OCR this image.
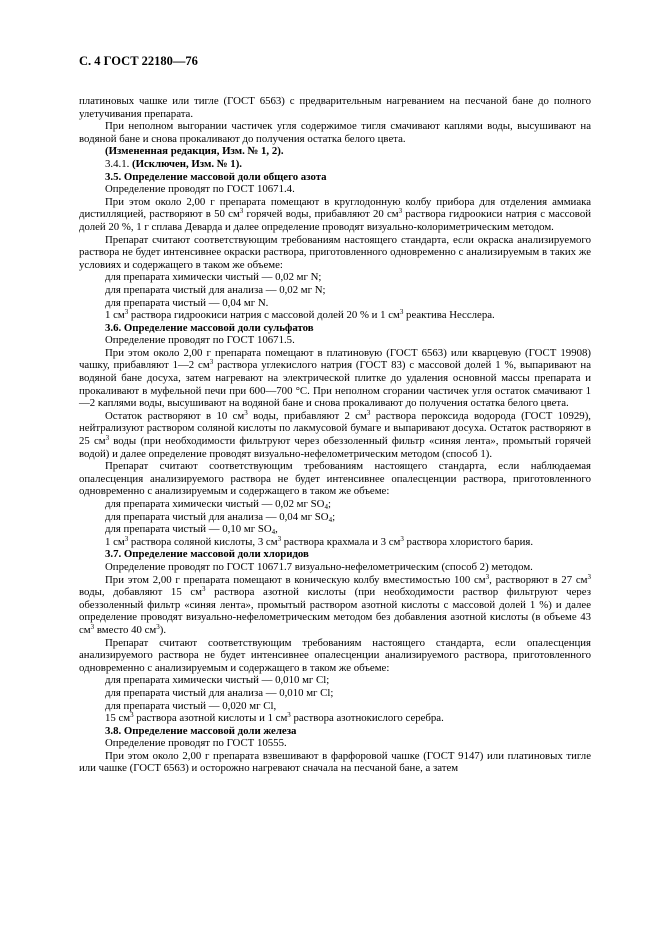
С. 4 ГОСТ 22180—76

платиновых чашке или тигле (ГОСТ 6563) с предварительным нагреванием на песчаной бане до полного улетучивания препарата.

При неполном выгорании частичек угля содержимое тигля смачивают каплями воды, высушивают на водяной бане и снова прокаливают до получения остатка белого цвета.

(Измененная редакция, Изм. № 1, 2).

3.4.1. (Исключен, Изм. № 1).

3.5. Определение массовой доли общего азота

Определение проводят по ГОСТ 10671.4.

При этом около 2,00 г препарата помещают в круглодонную колбу прибора для отделения аммиака дистилляцией, растворяют в 50 $см^3$ горячей воды, прибавляют 20 $см^3$ раствора гидроокиси натрия с массовой долей 20 %, 1 г сплава Деварда и далее определение проводят визуально-колориметрическим методом.

Препарат считают соответствующим требованиям настоящего стандарта, если окраска анализируемого раствора не будет интенсивнее окраски раствора, приготовленного одновременно с анализируемым в таких же условиях и содержащего в таком же объеме:

для препарата химически чистый — 0,02 мг N;

для препарата чистый для анализа — 0,02 мг N;

для препарата чистый — 0,04 мг N.

1 $см^3$ раствора гидроокиси натрия с массовой долей 20 % и 1 $см^3$ реактива Несслера.

3.6. Определение массовой доли сульфатов

Определение проводят по ГОСТ 10671.5.

При этом около 2,00 г препарата помещают в платиновую (ГОСТ 6563) или кварцевую (ГОСТ 19908) чашку, прибавляют 1—2 $см^3$ раствора углекислого натрия (ГОСТ 83) с массовой долей 1 %, выпаривают на водяной бане досуха, затем нагревают на электрической плитке до удаления основной массы препарата и прокаливают в муфельной печи при 600—700 °С. При неполном сгорании частичек угля остаток смачивают 1—2 каплями воды, высушивают на водяной бане и снова прокаливают до получения остатка белого цвета.

Остаток растворяют в 10 $см^3$ воды, прибавляют 2 $см^3$ раствора пероксида водорода (ГОСТ 10929), нейтрализуют раствором соляной кислоты по лакмусовой бумаге и выпаривают досуха. Остаток растворяют в 25 $см^3$ воды (при необходимости фильтруют через обеззоленный фильтр «синяя лента», промытый горячей водой) и далее определение проводят визуально-нефелометрическим методом (способ 1).

Препарат считают соответствующим требованиям настоящего стандарта, если наблюдаемая опалесценция анализируемого раствора не будет интенсивнее опалесценции раствора, приготовленного одновременно с анализируемым и содержащего в таком же объеме:

для препарата химически чистый — 0,02 мг $SO_4$;

для препарата чистый для анализа — 0,04 мг $SO_4$;

для препарата чистый — 0,10 мг $SO_4$,

1 $см^3$ раствора соляной кислоты, 3 $см^3$ раствора крахмала и 3 $см^3$ раствора хлористого бария.

3.7. Определение массовой доли хлоридов

Определение проводят по ГОСТ 10671.7 визуально-нефелометрическим (способ 2) методом.

При этом 2,00 г препарата помещают в коническую колбу вместимостью 100 $см^3$, растворяют в 27 $см^3$ воды, добавляют 15 $см^3$ раствора азотной кислоты (при необходимости раствор фильтруют через обеззоленный фильтр «синяя лента», промытый раствором азотной кислоты с массовой долей 1 %) и далее определение проводят визуально-нефелометрическим методом без добавления азотной кислоты (в объеме 43 $см^3$ вместо 40 $см^3$).

Препарат считают соответствующим требованиям настоящего стандарта, если опалесценция анализируемого раствора не будет интенсивнее опалесценции анализируемого раствора, приготовленного одновременно с анализируемым и содержащего в таком же объеме:

для препарата химически чистый — 0,010 мг Cl;

для препарата чистый для анализа — 0,010 мг Cl;

для препарата чистый — 0,020 мг Cl,

15 $см^3$ раствора азотной кислоты и 1 $см^3$ раствора азотнокислого серебра.

3.8. Определение массовой доли железа

Определение проводят по ГОСТ 10555.

При этом около 2,00 г препарата взвешивают в фарфоровой чашке (ГОСТ 9147) или платиновых тигле или чашке (ГОСТ 6563) и осторожно нагревают сначала на песчаной бане, а затем
